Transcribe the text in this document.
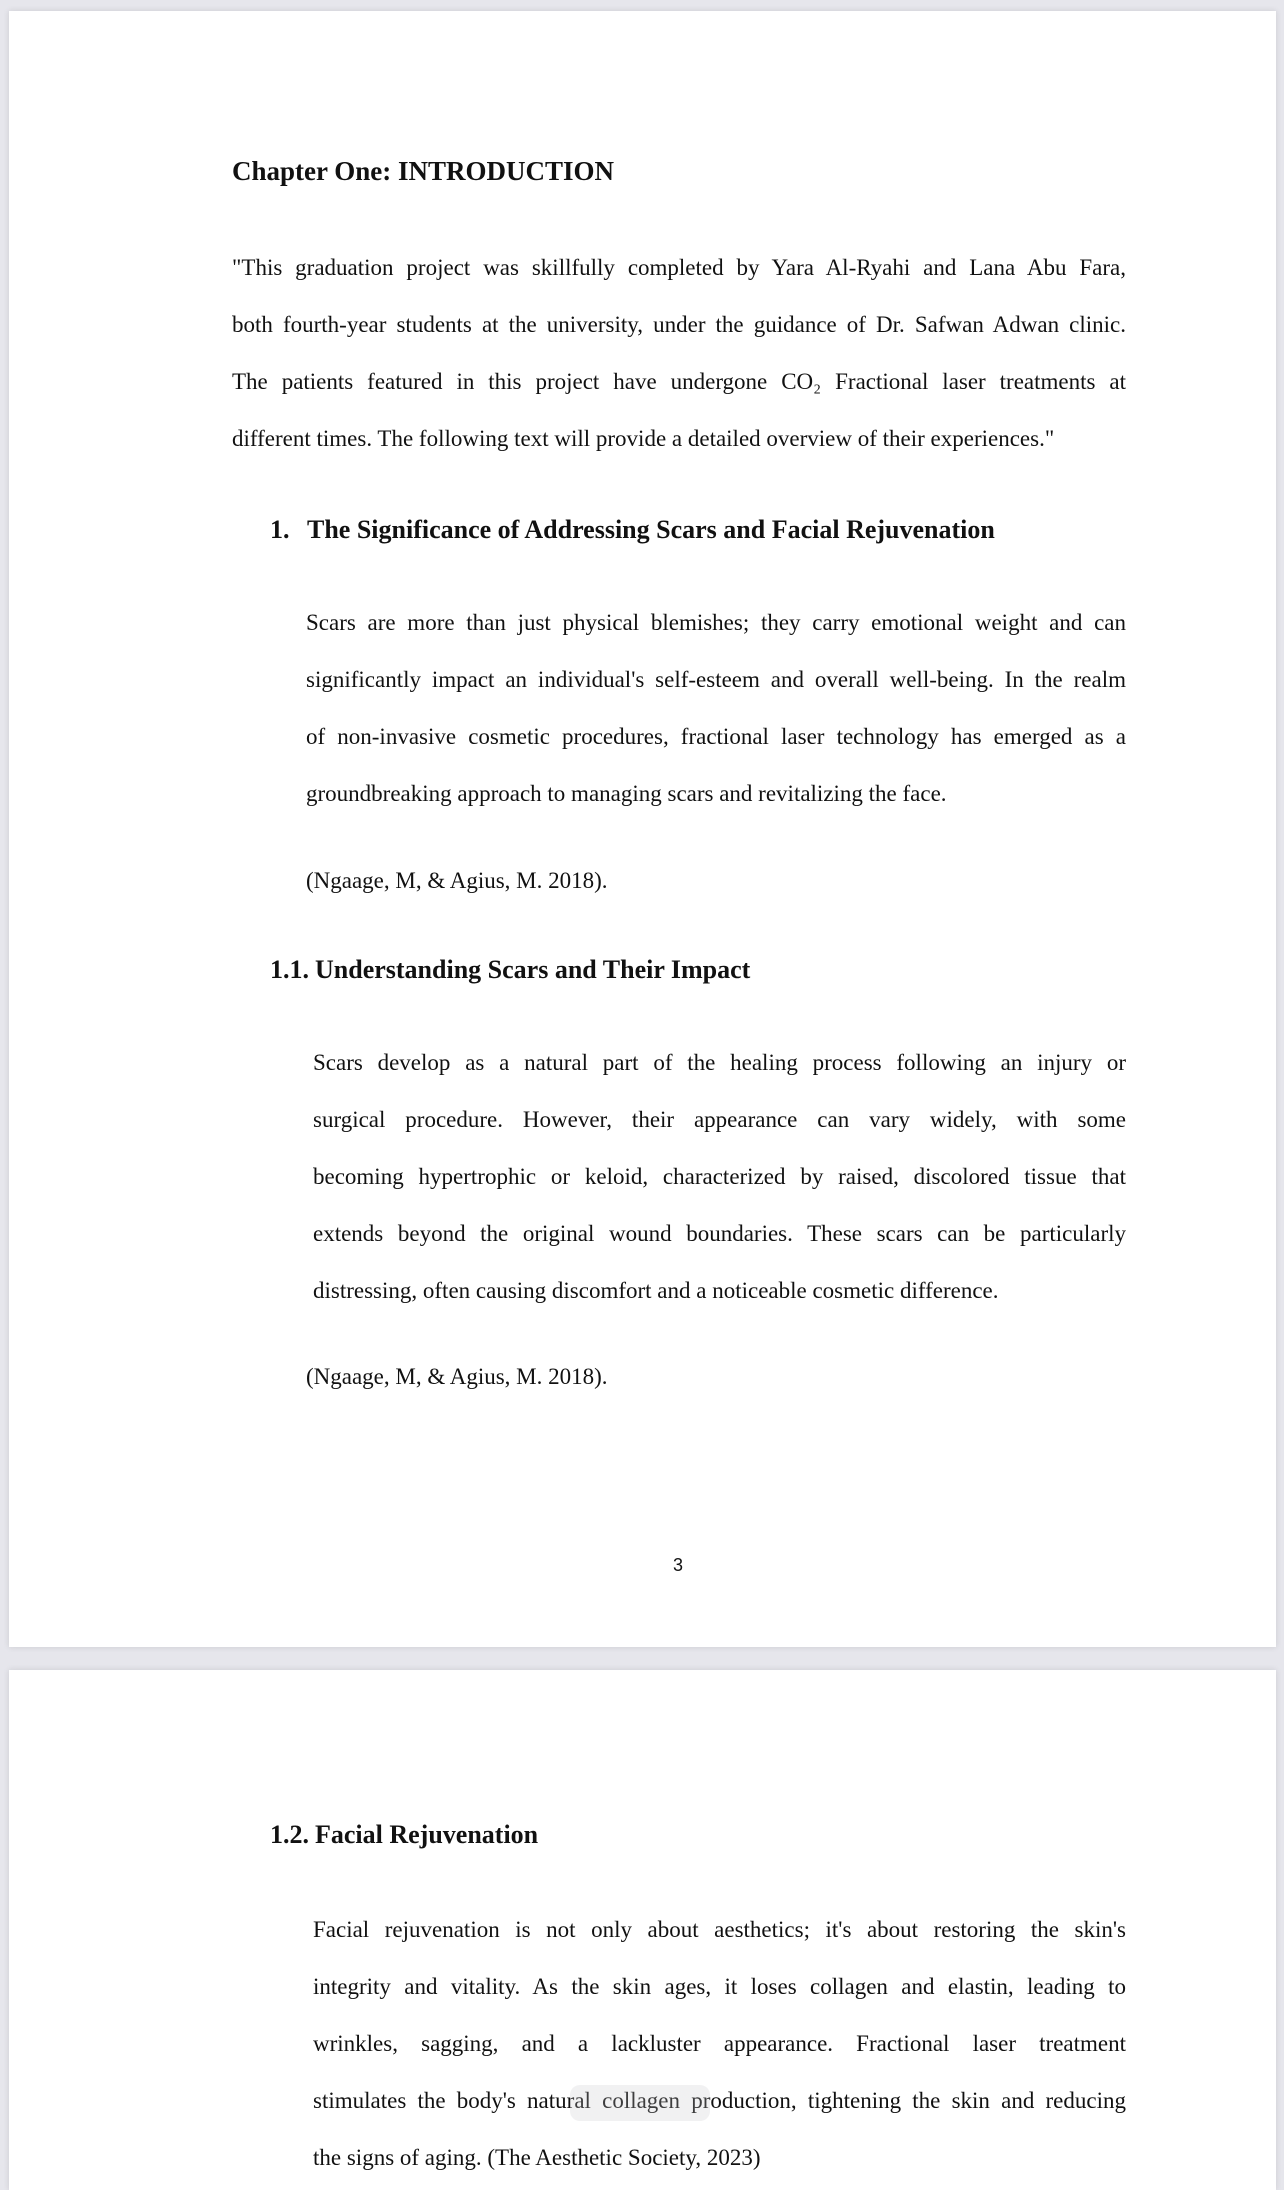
Chapter One: INTRODUCTION
"This graduation project was skillfully completed by Yara Al-Ryahi and Lana Abu Fara,
both fourth-year students at the university, under the guidance of Dr. Safwan Adwan clinic.
The patients featured in this project have undergone CO₂ Fractional laser treatments at
different times. The following text will provide a detailed overview of their experiences."
1. The Significance of Addressing Scars and Facial Rejuvenation
Scars are more than just physical blemishes; they carry emotional weight and can
significantly impact an individual's self-esteem and overall well-being. In the realm
of non-invasive cosmetic procedures, fractional laser technology has emerged as a
groundbreaking approach to managing scars and revitalizing the face.
(Ngaage, M, & Agius, M. 2018).
1.1. Understanding Scars and Their Impact
Scars develop as a natural part of the healing process following an injury or
surgical procedure. However, their appearance can vary widely, with some
becoming hypertrophic or keloid, characterized by raised, discolored tissue that
extends beyond the original wound boundaries. These scars can be particularly
distressing, often causing discomfort and a noticeable cosmetic difference.
(Ngaage, M, & Agius, M. 2018).
3
1.2. Facial Rejuvenation
Facial rejuvenation is not only about aesthetics; it's about restoring the skin's
integrity and vitality. As the skin ages, it loses collagen and elastin, leading to
wrinkles, sagging, and a lackluster appearance. Fractional laser treatment
stimulates the body's natural collagen production, tightening the skin and reducing
the signs of aging. (The Aesthetic Society, 2023)
